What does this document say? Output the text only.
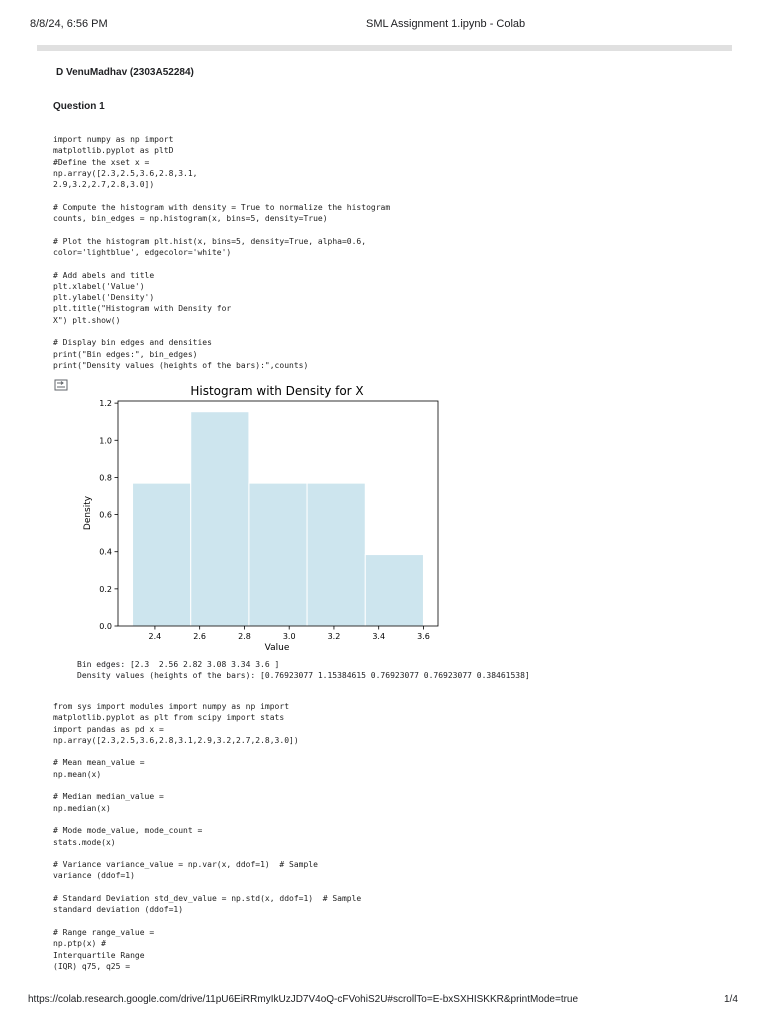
8/8/24, 6:56 PM	SML Assignment 1.ipynb - Colab
D VenuMadhav (2303A52284)
Question 1
import numpy as np import
matplotlib.pyplot as pltD
#Define the xset x =
np.array([2.3,2.5,3.6,2.8,3.1,
2.9,3.2,2.7,2.8,3.0])

# Compute the histogram with density = True to normalize the histogram
counts, bin_edges = np.histogram(x, bins=5, density=True)

# Plot the histogram plt.hist(x, bins=5, density=True, alpha=0.6,
color='lightblue', edgecolor='white')

# Add abels and title
plt.xlabel('Value')
plt.ylabel('Density')
plt.title("Histogram with Density for
X") plt.show()

# Display bin edges and densities
print("Bin edges:", bin_edges)
print("Density values (heights of the bars):",counts)
Histogram with Density for X
2.4	2.6	2.8	3.0	3.2	3.4	3.6
0.0
0.2
0.4
0.6
0.8
1.0
1.2
Value
Density
Bin edges: [2.3  2.56 2.82 3.08 3.34 3.6 ]
Density values (heights of the bars): [0.76923077 1.15384615 0.76923077 0.76923077 0.38461538]
from sys import modules import numpy as np import
matplotlib.pyplot as plt from scipy import stats
import pandas as pd x =
np.array([2.3,2.5,3.6,2.8,3.1,2.9,3.2,2.7,2.8,3.0])

# Mean mean_value =
np.mean(x)

# Median median_value =
np.median(x)

# Mode mode_value, mode_count =
stats.mode(x)

# Variance variance_value = np.var(x, ddof=1)  # Sample
variance (ddof=1)

# Standard Deviation std_dev_value = np.std(x, ddof=1)  # Sample
standard deviation (ddof=1)

# Range range_value =
np.ptp(x) #
Interquartile Range
(IQR) q75, q25 =
https://colab.research.google.com/drive/11pU6EiRRmyIkUzJD7V4oQ-cFVohiS2U#scrollTo=E-bxSXHISKKR&printMode=true	1/4
